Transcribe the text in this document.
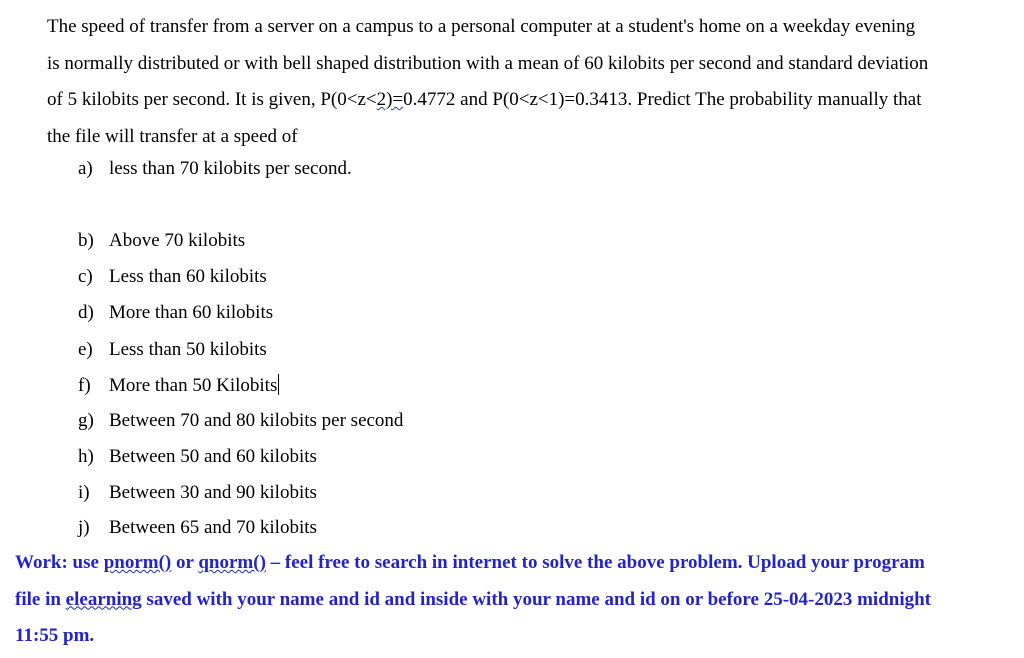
The speed of transfer from a server on a campus to a personal computer at a student's home on a weekday evening
is normally distributed or with bell shaped distribution with a mean of 60 kilobits per second and standard deviation
of 5 kilobits per second. It is given, P(0<z<2)=0.4772 and P(0<z<1)=0.3413. Predict The probability manually that
the file will transfer at a speed of
a) less than 70 kilobits per second.
b) Above 70 kilobits
c) Less than 60 kilobits
d) More than 60 kilobits
e) Less than 50 kilobits
f) More than 50 Kilobits
g) Between 70 and 80 kilobits per second
h) Between 50 and 60 kilobits
i) Between 30 and 90 kilobits
j) Between 65 and 70 kilobits
Work: use pnorm() or qnorm() – feel free to search in internet to solve the above problem. Upload your program
file in elearning saved with your name and id and inside with your name and id on or before 25-04-2023 midnight
11:55 pm.
